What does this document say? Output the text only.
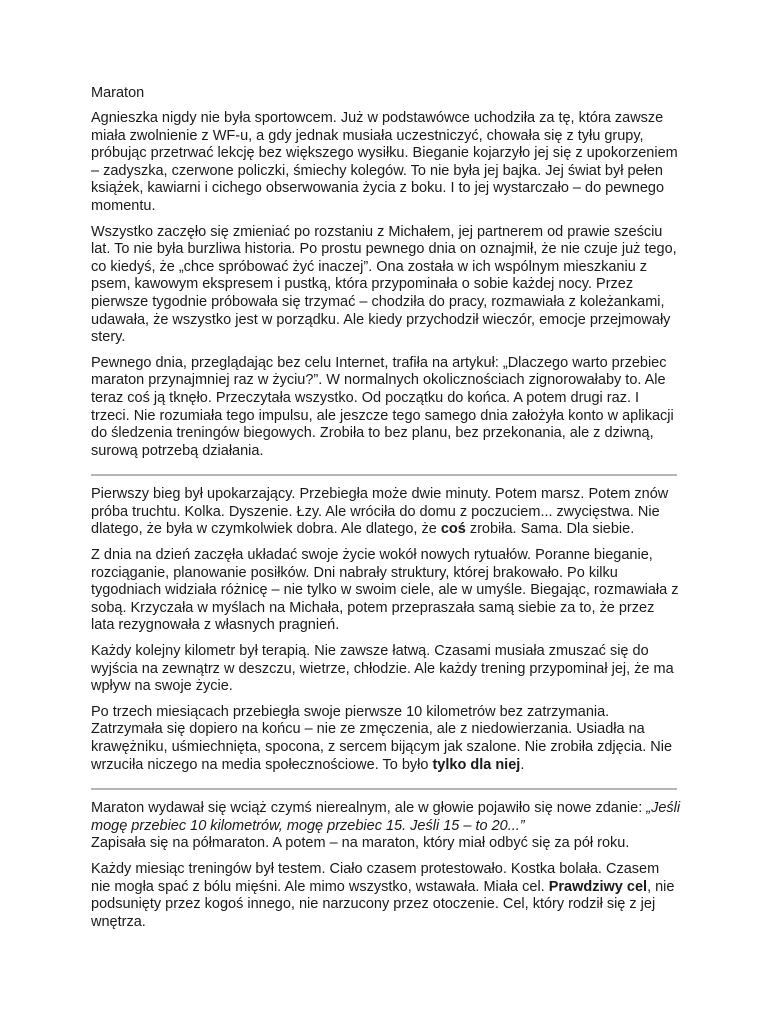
Maraton

Agnieszka nigdy nie była sportowcem. Już w podstawówce uchodziła za tę, która zawsze miała zwolnienie z WF-u, a gdy jednak musiała uczestniczyć, chowała się z tyłu grupy, próbując przetrwać lekcję bez większego wysiłku. Bieganie kojarzyło jej się z upokorzeniem – zadyszka, czerwone policzki, śmiechy kolegów. To nie była jej bajka. Jej świat był pełen książek, kawiarni i cichego obserwowania życia z boku. I to jej wystarczało – do pewnego momentu.

Wszystko zaczęło się zmieniać po rozstaniu z Michałem, jej partnerem od prawie sześciu lat. To nie była burzliwa historia. Po prostu pewnego dnia on oznajmił, że nie czuje już tego, co kiedyś, że „chce spróbować żyć inaczej”. Ona została w ich wspólnym mieszkaniu z psem, kawowym ekspresem i pustką, która przypominała o sobie każdej nocy. Przez pierwsze tygodnie próbowała się trzymać – chodziła do pracy, rozmawiała z koleżankami, udawała, że wszystko jest w porządku. Ale kiedy przychodził wieczór, emocje przejmowały stery.

Pewnego dnia, przeglądając bez celu Internet, trafiła na artykuł: „Dlaczego warto przebiec maraton przynajmniej raz w życiu?”. W normalnych okolicznościach zignorowałaby to. Ale teraz coś ją tknęło. Przeczytała wszystko. Od początku do końca. A potem drugi raz. I trzeci. Nie rozumiała tego impulsu, ale jeszcze tego samego dnia założyła konto w aplikacji do śledzenia treningów biegowych. Zrobiła to bez planu, bez przekonania, ale z dziwną, surową potrzebą działania.

Pierwszy bieg był upokarzający. Przebiegła może dwie minuty. Potem marsz. Potem znów próba truchtu. Kolka. Dyszenie. Łzy. Ale wróciła do domu z poczuciem... zwycięstwa. Nie dlatego, że była w czymkolwiek dobra. Ale dlatego, że coś zrobiła. Sama. Dla siebie.

Z dnia na dzień zaczęła układać swoje życie wokół nowych rytuałów. Poranne bieganie, rozciąganie, planowanie posiłków. Dni nabrały struktury, której brakowało. Po kilku tygodniach widziała różnicę – nie tylko w swoim ciele, ale w umyśle. Biegając, rozmawiała z sobą. Krzyczała w myślach na Michała, potem przepraszała samą siebie za to, że przez lata rezygnowała z własnych pragnień.

Każdy kolejny kilometr był terapią. Nie zawsze łatwą. Czasami musiała zmuszać się do wyjścia na zewnątrz w deszczu, wietrze, chłodzie. Ale każdy trening przypominał jej, że ma wpływ na swoje życie.

Po trzech miesiącach przebiegła swoje pierwsze 10 kilometrów bez zatrzymania. Zatrzymała się dopiero na końcu – nie ze zmęczenia, ale z niedowierzania. Usiadła na krawężniku, uśmiechnięta, spocona, z sercem bijącym jak szalone. Nie zrobiła zdjęcia. Nie wrzuciła niczego na media społecznościowe. To było tylko dla niej.

Maraton wydawał się wciąż czymś nierealnym, ale w głowie pojawiło się nowe zdanie: „Jeśli mogę przebiec 10 kilometrów, mogę przebiec 15. Jeśli 15 – to 20...”
Zapisała się na półmaraton. A potem – na maraton, który miał odbyć się za pół roku.

Każdy miesiąc treningów był testem. Ciało czasem protestowało. Kostka bolała. Czasem nie mogła spać z bólu mięśni. Ale mimo wszystko, wstawała. Miała cel. Prawdziwy cel, nie podsunięty przez kogoś innego, nie narzucony przez otoczenie. Cel, który rodził się z jej wnętrza.
